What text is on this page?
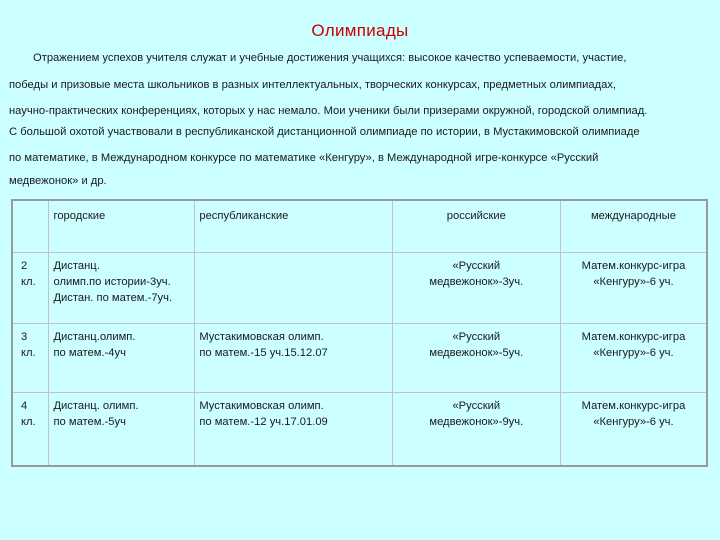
Олимпиады
Отражением успехов учителя служат и учебные достижения учащихся: высокое качество успеваемости, участие,
победы и призовые места школьников в разных интеллектуальных, творческих конкурсах, предметных олимпиадах,
научно-практических конференциях, которых у нас немало. Мои ученики были призерами окружной, городской олимпиад.
С большой охотой участвовали в республиканской дистанционной олимпиаде по истории, в Мустакимовской олимпиаде
по математике, в Международном конкурсе по математике «Кенгуру», в Международной игре-конкурсе «Русский
медвежонок» и др.
	городские	республиканские	российские	международные
2 кл.	Дистанц.
олимп.по истории-3уч.
Дистан. по матем.-7уч.		«Русский
медвежонок»-3уч.	Матем.конкурс-игра
«Кенгуру»-6 уч.

3 кл.	Дистанц.олимп.
по матем.-4уч	Мустакимовская олимп.
по матем.-15 уч.15.12.07	«Русский
медвежонок»-5уч.	Матем.конкурс-игра
«Кенгуру»-6 уч.

4 кл.	Дистанц. олимп.
по матем.-5уч	Мустакимовская олимп.
по матем.-12 уч.17.01.09	«Русский
медвежонок»-9уч.	Матем.конкурс-игра
«Кенгуру»-6 уч.
